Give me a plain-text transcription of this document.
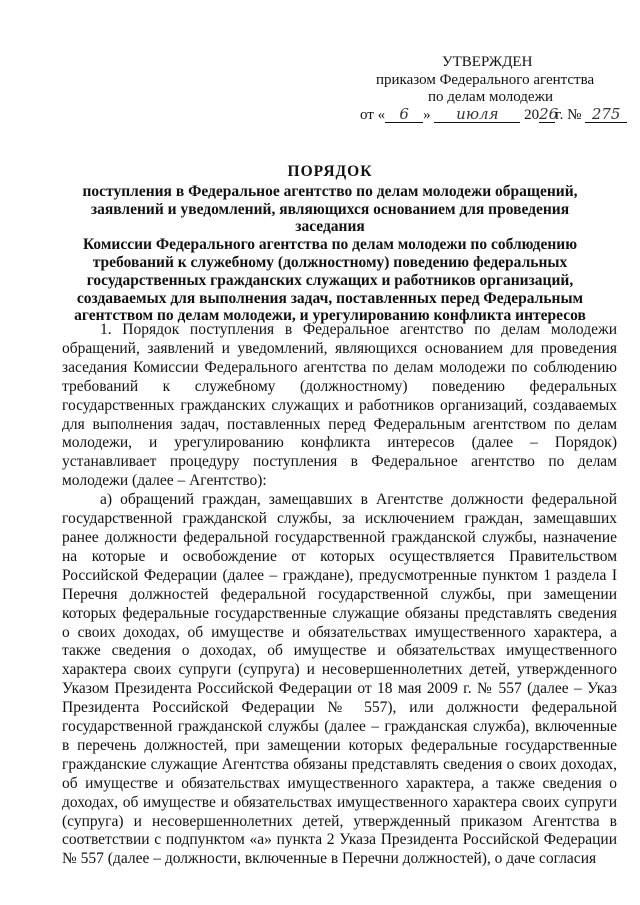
УТВЕРЖДЕН
приказом Федерального агентства
по делам молодежи
от « 6 » июля 2026г. № 275
ПОРЯДОК
поступления в Федеральное агентство по делам молодежи обращений,
заявлений и уведомлений, являющихся основанием для проведения заседания
Комиссии Федерального агентства по делам молодежи по соблюдению
требований к служебному (должностному) поведению федеральных
государственных гражданских служащих и работников организаций,
создаваемых для выполнения задач, поставленных перед Федеральным
агентством по делам молодежи, и урегулированию конфликта интересов

1. Порядок поступления в Федеральное агентство по делам молодежи обращений, заявлений и уведомлений, являющихся основанием для проведения заседания Комиссии Федерального агентства по делам молодежи по соблюдению требований к служебному (должностному) поведению федеральных государственных гражданских служащих и работников организаций, создаваемых для выполнения задач, поставленных перед Федеральным агентством по делам молодежи, и урегулированию конфликта интересов (далее – Порядок) устанавливает процедуру поступления в Федеральное агентство по делам молодежи (далее – Агентство):

а) обращений граждан, замещавших в Агентстве должности федеральной государственной гражданской службы, за исключением граждан, замещавших ранее должности федеральной государственной гражданской службы, назначение на которые и освобождение от которых осуществляется Правительством Российской Федерации (далее – граждане), предусмотренные пунктом 1 раздела I Перечня должностей федеральной государственной службы, при замещении которых федеральные государственные служащие обязаны представлять сведения о своих доходах, об имуществе и обязательствах имущественного характера, а также сведения о доходах, об имуществе и обязательствах имущественного характера своих супруги (супруга) и несовершеннолетних детей, утвержденного Указом Президента Российской Федерации от 18 мая 2009 г. № 557 (далее – Указ Президента Российской Федерации № 557), или должности федеральной государственной гражданской службы (далее – гражданская служба), включенные в перечень должностей, при замещении которых федеральные государственные гражданские служащие Агентства обязаны представлять сведения о своих доходах, об имуществе и обязательствах имущественного характера, а также сведения о доходах, об имуществе и обязательствах имущественного характера своих супруги (супруга) и несовершеннолетних детей, утвержденный приказом Агентства в соответствии с подпунктом «а» пункта 2 Указа Президента Российской Федерации № 557 (далее – должности, включенные в Перечни должностей), о даче согласия
